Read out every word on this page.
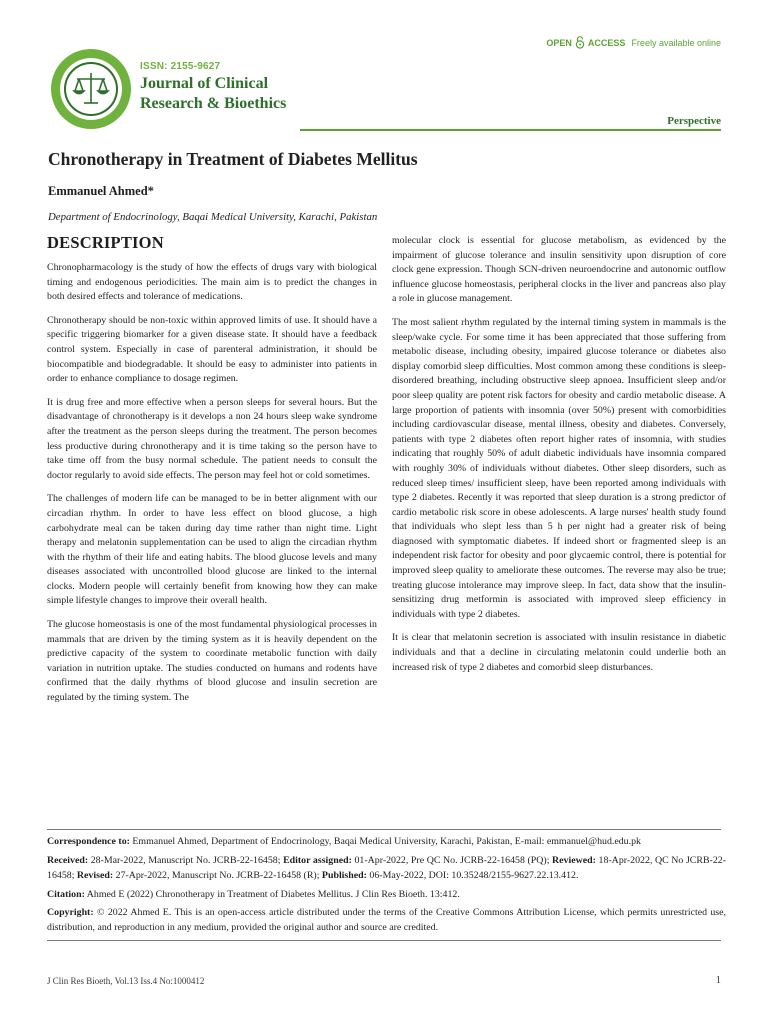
ISSN: 2155-9627
Journal of Clinical
Research & Bioethics
OPEN ACCESS Freely available online
Perspective
Chronotherapy in Treatment of Diabetes Mellitus
Emmanuel Ahmed*
Department of Endocrinology, Baqai Medical University, Karachi, Pakistan
DESCRIPTION

Chronopharmacology is the study of how the effects of drugs vary with biological timing and endogenous periodicities. The main aim is to predict the changes in both desired effects and tolerance of medications.

Chronotherapy should be non-toxic within approved limits of use. It should have a specific triggering biomarker for a given disease state. It should have a feedback control system. Especially in case of parenteral administration, it should be biocompatible and biodegradable. It should be easy to administer into patients in order to enhance compliance to dosage regimen.

It is drug free and more effective when a person sleeps for several hours. But the disadvantage of chronotherapy is it develops a non 24 hours sleep wake syndrome after the treatment as the person sleeps during the treatment. The person becomes less productive during chronotherapy and it is time taking so the person have to take time off from the busy normal schedule. The patient needs to consult the doctor regularly to avoid side effects. The person may feel hot or cold sometimes.

The challenges of modern life can be managed to be in better alignment with our circadian rhythm. In order to have less effect on blood glucose, a high carbohydrate meal can be taken during day time rather than night time. Light therapy and melatonin supplementation can be used to align the circadian rhythm with the rhythm of their life and eating habits. The blood glucose levels and many diseases associated with uncontrolled blood glucose are linked to the internal clocks. Modern people will certainly benefit from knowing how they can make simple lifestyle changes to improve their overall health.

The glucose homeostasis is one of the most fundamental physiological processes in mammals that are driven by the timing system as it is heavily dependent on the predictive capacity of the system to coordinate metabolic function with daily variation in nutrition uptake. The studies conducted on humans and rodents have confirmed that the daily rhythms of blood glucose and insulin secretion are regulated by the timing system. The

molecular clock is essential for glucose metabolism, as evidenced by the impairment of glucose tolerance and insulin sensitivity upon disruption of core clock gene expression. Though SCN-driven neuroendocrine and autonomic outflow influence glucose homeostasis, peripheral clocks in the liver and pancreas also play a role in glucose management.

The most salient rhythm regulated by the internal timing system in mammals is the sleep/wake cycle. For some time it has been appreciated that those suffering from metabolic disease, including obesity, impaired glucose tolerance or diabetes also display comorbid sleep difficulties. Most common among these conditions is sleep-disordered breathing, including obstructive sleep apnoea. Insufficient sleep and/or poor sleep quality are potent risk factors for obesity and cardio metabolic disease. A large proportion of patients with insomnia (over 50%) present with comorbidities including cardiovascular disease, mental illness, obesity and diabetes. Conversely, patients with type 2 diabetes often report higher rates of insomnia, with studies indicating that roughly 50% of adult diabetic individuals have insomnia compared with roughly 30% of individuals without diabetes. Other sleep disorders, such as reduced sleep times/ insufficient sleep, have been reported among individuals with type 2 diabetes. Recently it was reported that sleep duration is a strong predictor of cardio metabolic risk score in obese adolescents. A large nurses' health study found that individuals who slept less than 5 h per night had a greater risk of being diagnosed with symptomatic diabetes. If indeed short or fragmented sleep is an independent risk factor for obesity and poor glycaemic control, there is potential for improved sleep quality to ameliorate these outcomes. The reverse may also be true; treating glucose intolerance may improve sleep. In fact, data show that the insulin-sensitizing drug metformin is associated with improved sleep efficiency in individuals with type 2 diabetes.

It is clear that melatonin secretion is associated with insulin resistance in diabetic individuals and that a decline in circulating melatonin could underlie both an increased risk of type 2 diabetes and comorbid sleep disturbances.

Correspondence to: Emmanuel Ahmed, Department of Endocrinology, Baqai Medical University, Karachi, Pakistan, E-mail: emmanuel@hud.edu.pk
Received: 28-Mar-2022, Manuscript No. JCRB-22-16458; Editor assigned: 01-Apr-2022, Pre QC No. JCRB-22-16458 (PQ); Reviewed: 18-Apr-2022, QC No JCRB-22-16458; Revised: 27-Apr-2022, Manuscript No. JCRB-22-16458 (R); Published: 06-May-2022, DOI: 10.35248/2155-9627.22.13.412.
Citation: Ahmed E (2022) Chronotherapy in Treatment of Diabetes Mellitus. J Clin Res Bioeth. 13:412.
Copyright: © 2022 Ahmed E. This is an open-access article distributed under the terms of the Creative Commons Attribution License, which permits unrestricted use, distribution, and reproduction in any medium, provided the original author and source are credited.
J Clin Res Bioeth, Vol.13 Iss.4 No:1000412	1
